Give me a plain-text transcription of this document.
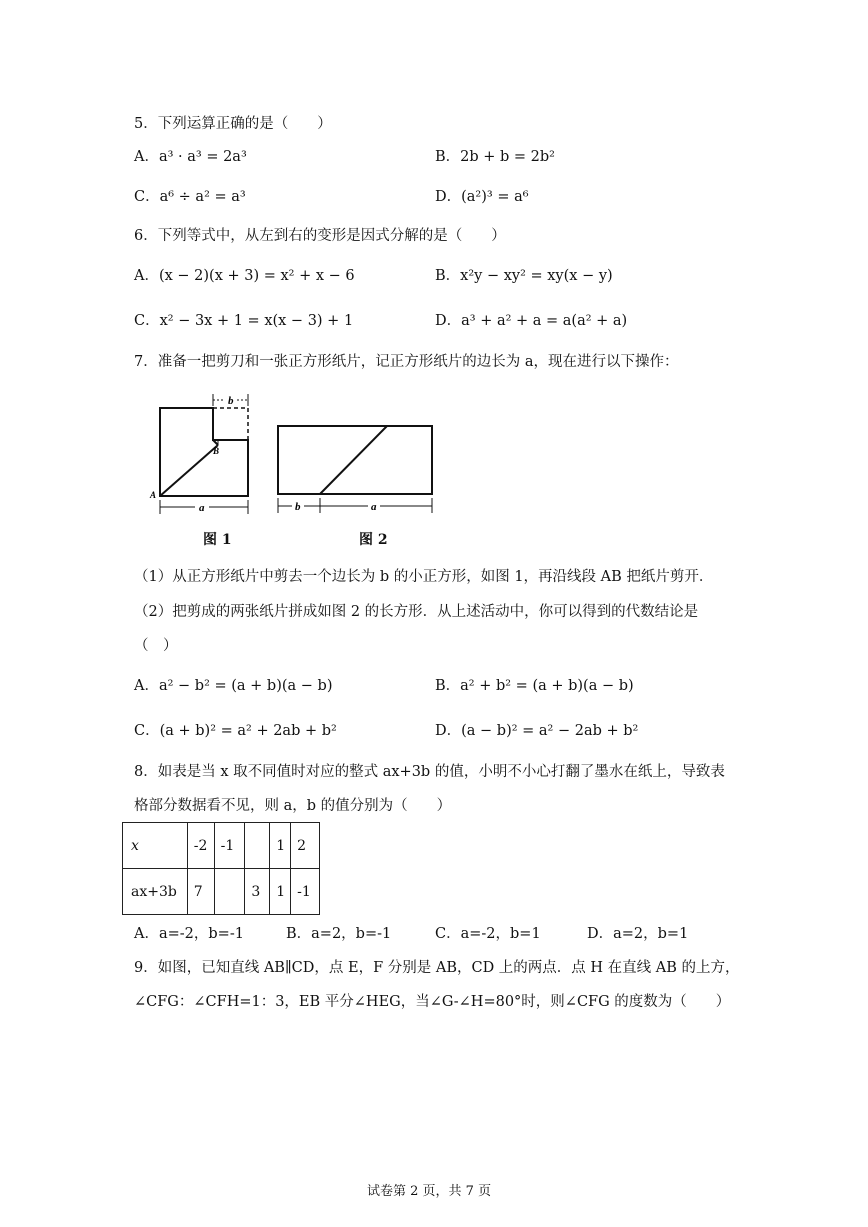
5．下列运算正确的是（　　）
A．a³ · a³ = 2a³	B．2b + b = 2b²
C．a⁶ ÷ a² = a³	D．(a²)³ = a⁶
6．下列等式中，从左到右的变形是因式分解的是（　　）
A．(x − 2)(x + 3) = x² + x − 6	B．x²y − xy² = xy(x − y)
C．x² − 3x + 1 = x(x − 3) + 1	D．a³ + a² + a = a(a² + a)
7．准备一把剪刀和一张正方形纸片，记正方形纸片的边长为 a，现在进行以下操作：
b
a
A
B
b	a
图 1	图 2
（1）从正方形纸片中剪去一个边长为 b 的小正方形，如图 1，再沿线段 AB 把纸片剪开．
（2）把剪成的两张纸片拼成如图 2 的长方形．从上述活动中，你可以得到的代数结论是
（　）
A．a² − b² = (a + b)(a − b)	B．a² + b² = (a + b)(a − b)
C．(a + b)² = a² + 2ab + b²	D．(a − b)² = a² − 2ab + b²
8．如表是当 x 取不同值时对应的整式 ax+3b 的值，小明不小心打翻了墨水在纸上，导致表
格部分数据看不见，则 a，b 的值分别为（　　）
x	-2	-1		1	2
ax+3b	7		3	1	-1
A．a=-2，b=-1	B．a=2，b=-1	C．a=-2，b=1	D．a=2，b=1
9．如图，已知直线 AB∥CD，点 E，F 分别是 AB，CD 上的两点．点 H 在直线 AB 的上方，
∠CFG：∠CFH=1：3，EB 平分∠HEG，当∠G-∠H=80°时，则∠CFG 的度数为（　　）
试卷第 2 页，共 7 页
